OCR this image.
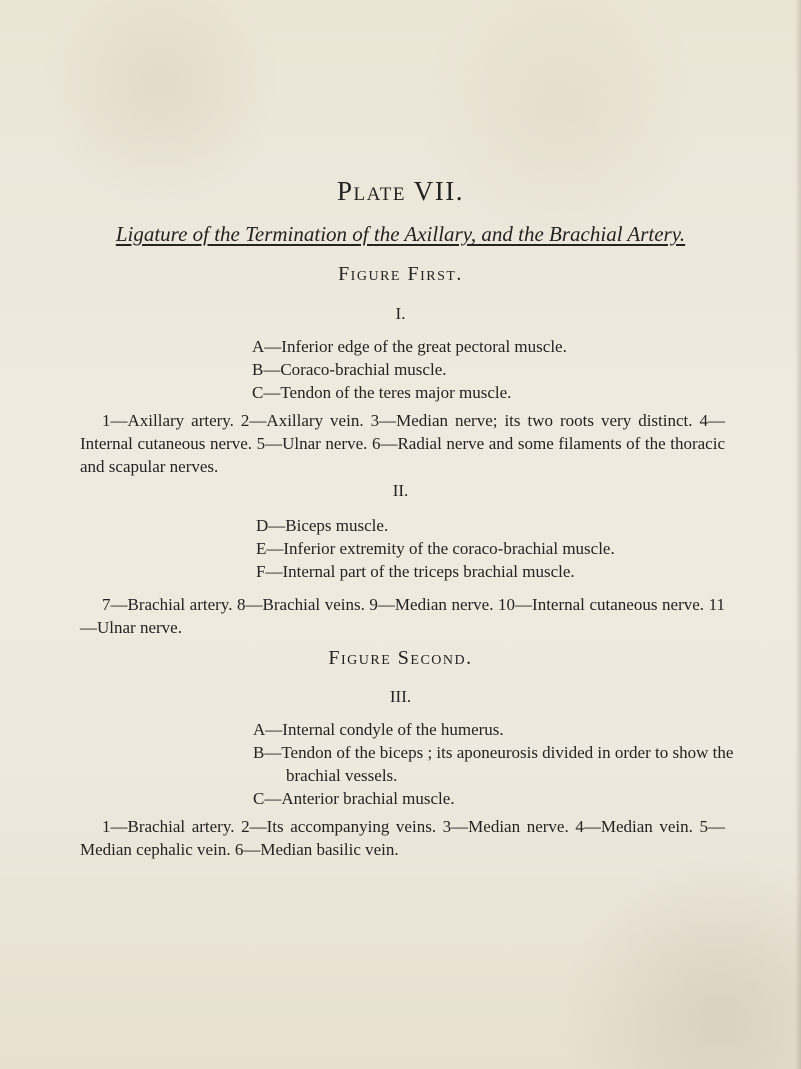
Plate VII.
Ligature of the Termination of the Axillary, and the Brachial Artery.
Figure First.
I.
A—Inferior edge of the great pectoral muscle.
B—Coraco-brachial muscle.
C—Tendon of the teres major muscle.
1—Axillary artery. 2—Axillary vein. 3—Median nerve; its two roots very distinct. 4—Internal cutaneous nerve. 5—Ulnar nerve. 6—Radial nerve and some filaments of the thoracic and scapular nerves.
II.
D—Biceps muscle.
E—Inferior extremity of the coraco-brachial muscle.
F—Internal part of the triceps brachial muscle.
7—Brachial artery. 8—Brachial veins. 9—Median nerve. 10—Internal cutaneous nerve. 11—Ulnar nerve.
Figure Second.
III.
A—Internal condyle of the humerus.
B—Tendon of the biceps ; its aponeurosis divided in order to show the
brachial vessels.
C—Anterior brachial muscle.
1—Brachial artery. 2—Its accompanying veins. 3—Median nerve. 4—Median vein. 5—Median cephalic vein. 6—Median basilic vein.
